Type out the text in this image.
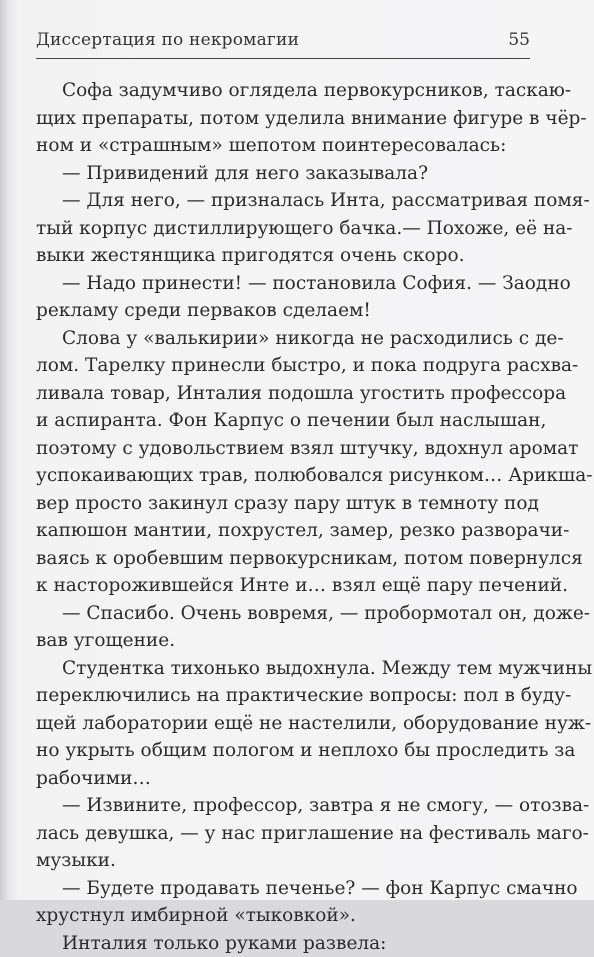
Диссертация по некромагии	55
Софа задумчиво оглядела первокурсников, таскаю-
щих препараты, потом уделила внимание фигуре в чёр-
ном и «страшным» шепотом поинтересовалась:
— Привидений для него заказывала?
— Для него, — призналась Инта, рассматривая помя-
тый корпус дистиллирующего бачка.— Похоже, её на-
выки жестянщика пригодятся очень скоро.
— Надо принести! — постановила София. — Заодно
рекламу среди перваков сделаем!
Слова у «валькирии» никогда не расходились с де-
лом. Тарелку принесли быстро, и пока подруга расхва-
ливала товар, Инталия подошла угостить профессора
и аспиранта. Фон Карпус о печении был наслышан,
поэтому с удовольствием взял штучку, вдохнул аромат
успокаивающих трав, полюбовался рисунком… Арикша-
вер просто закинул сразу пару штук в темноту под
капюшон мантии, похрустел, замер, резко разворачи-
ваясь к оробевшим первокурсникам, потом повернулся
к насторожившейся Инте и… взял ещё пару печений.
— Спасибо. Очень вовремя, — пробормотал он, доже-
вав угощение.
Студентка тихонько выдохнула. Между тем мужчины
переключились на практические вопросы: пол в буду-
щей лаборатории ещё не настелили, оборудование нуж-
но укрыть общим пологом и неплохо бы проследить за
рабочими…
— Извините, профессор, завтра я не смогу, — отозва-
лась девушка, — у нас приглашение на фестиваль маго-
музыки.
— Будете продавать печенье? — фон Карпус смачно
хрустнул имбирной «тыковкой».
Инталия только руками развела:
